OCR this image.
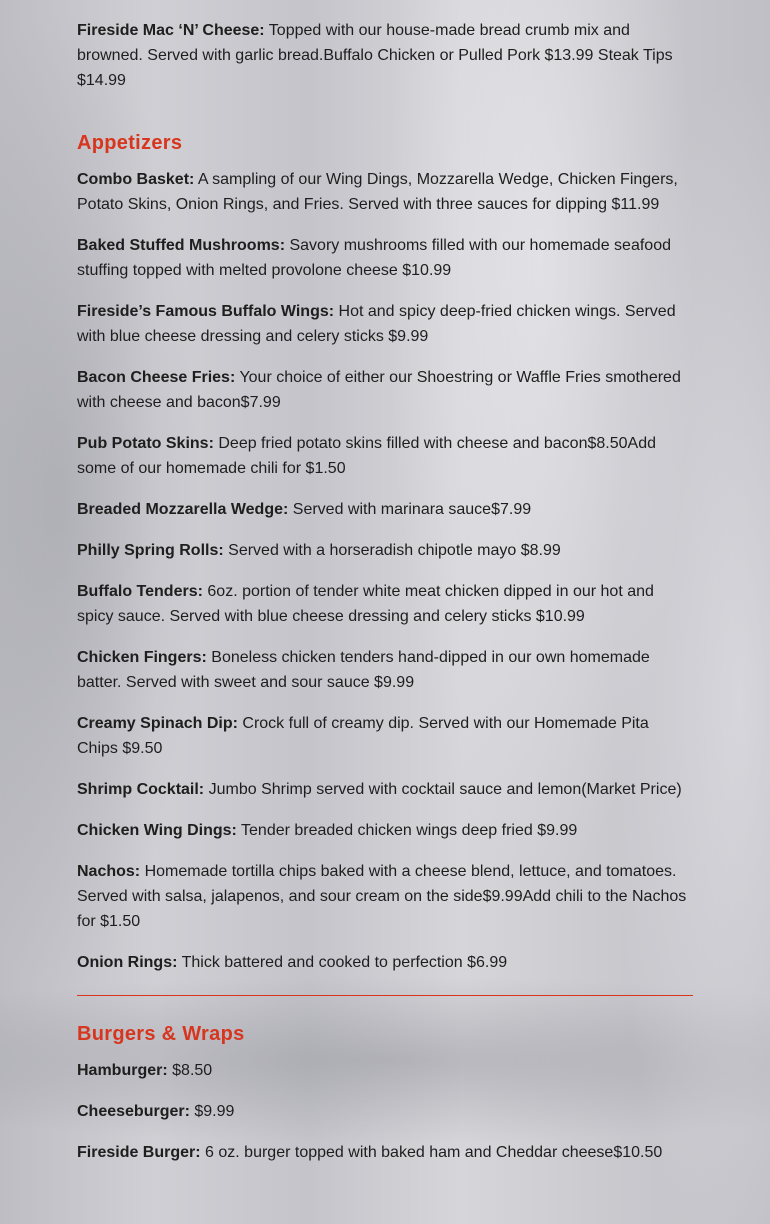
Fireside Mac ‘N’ Cheese: Topped with our house-made bread crumb mix and browned. Served with garlic bread.Buffalo Chicken or Pulled Pork $13.99 Steak Tips $14.99

Appetizers

Combo Basket: A sampling of our Wing Dings, Mozzarella Wedge, Chicken Fingers, Potato Skins, Onion Rings, and Fries. Served with three sauces for dipping $11.99

Baked Stuffed Mushrooms: Savory mushrooms filled with our homemade seafood stuffing topped with melted provolone cheese $10.99

Fireside’s Famous Buffalo Wings: Hot and spicy deep-fried chicken wings. Served with blue cheese dressing and celery sticks $9.99

Bacon Cheese Fries: Your choice of either our Shoestring or Waffle Fries smothered with cheese and bacon$7.99

Pub Potato Skins: Deep fried potato skins filled with cheese and bacon$8.50Add some of our homemade chili for $1.50

Breaded Mozzarella Wedge: Served with marinara sauce$7.99

Philly Spring Rolls: Served with a horseradish chipotle mayo $8.99

Buffalo Tenders: 6oz. portion of tender white meat chicken dipped in our hot and spicy sauce. Served with blue cheese dressing and celery sticks $10.99

Chicken Fingers: Boneless chicken tenders hand-dipped in our own homemade batter. Served with sweet and sour sauce $9.99

Creamy Spinach Dip: Crock full of creamy dip. Served with our Homemade Pita Chips $9.50

Shrimp Cocktail: Jumbo Shrimp served with cocktail sauce and lemon(Market Price)

Chicken Wing Dings: Tender breaded chicken wings deep fried $9.99

Nachos: Homemade tortilla chips baked with a cheese blend, lettuce, and tomatoes. Served with salsa, jalapenos, and sour cream on the side$9.99Add chili to the Nachos for $1.50

Onion Rings: Thick battered and cooked to perfection $6.99

Burgers & Wraps

Hamburger: $8.50

Cheeseburger: $9.99

Fireside Burger: 6 oz. burger topped with baked ham and Cheddar cheese$10.50
